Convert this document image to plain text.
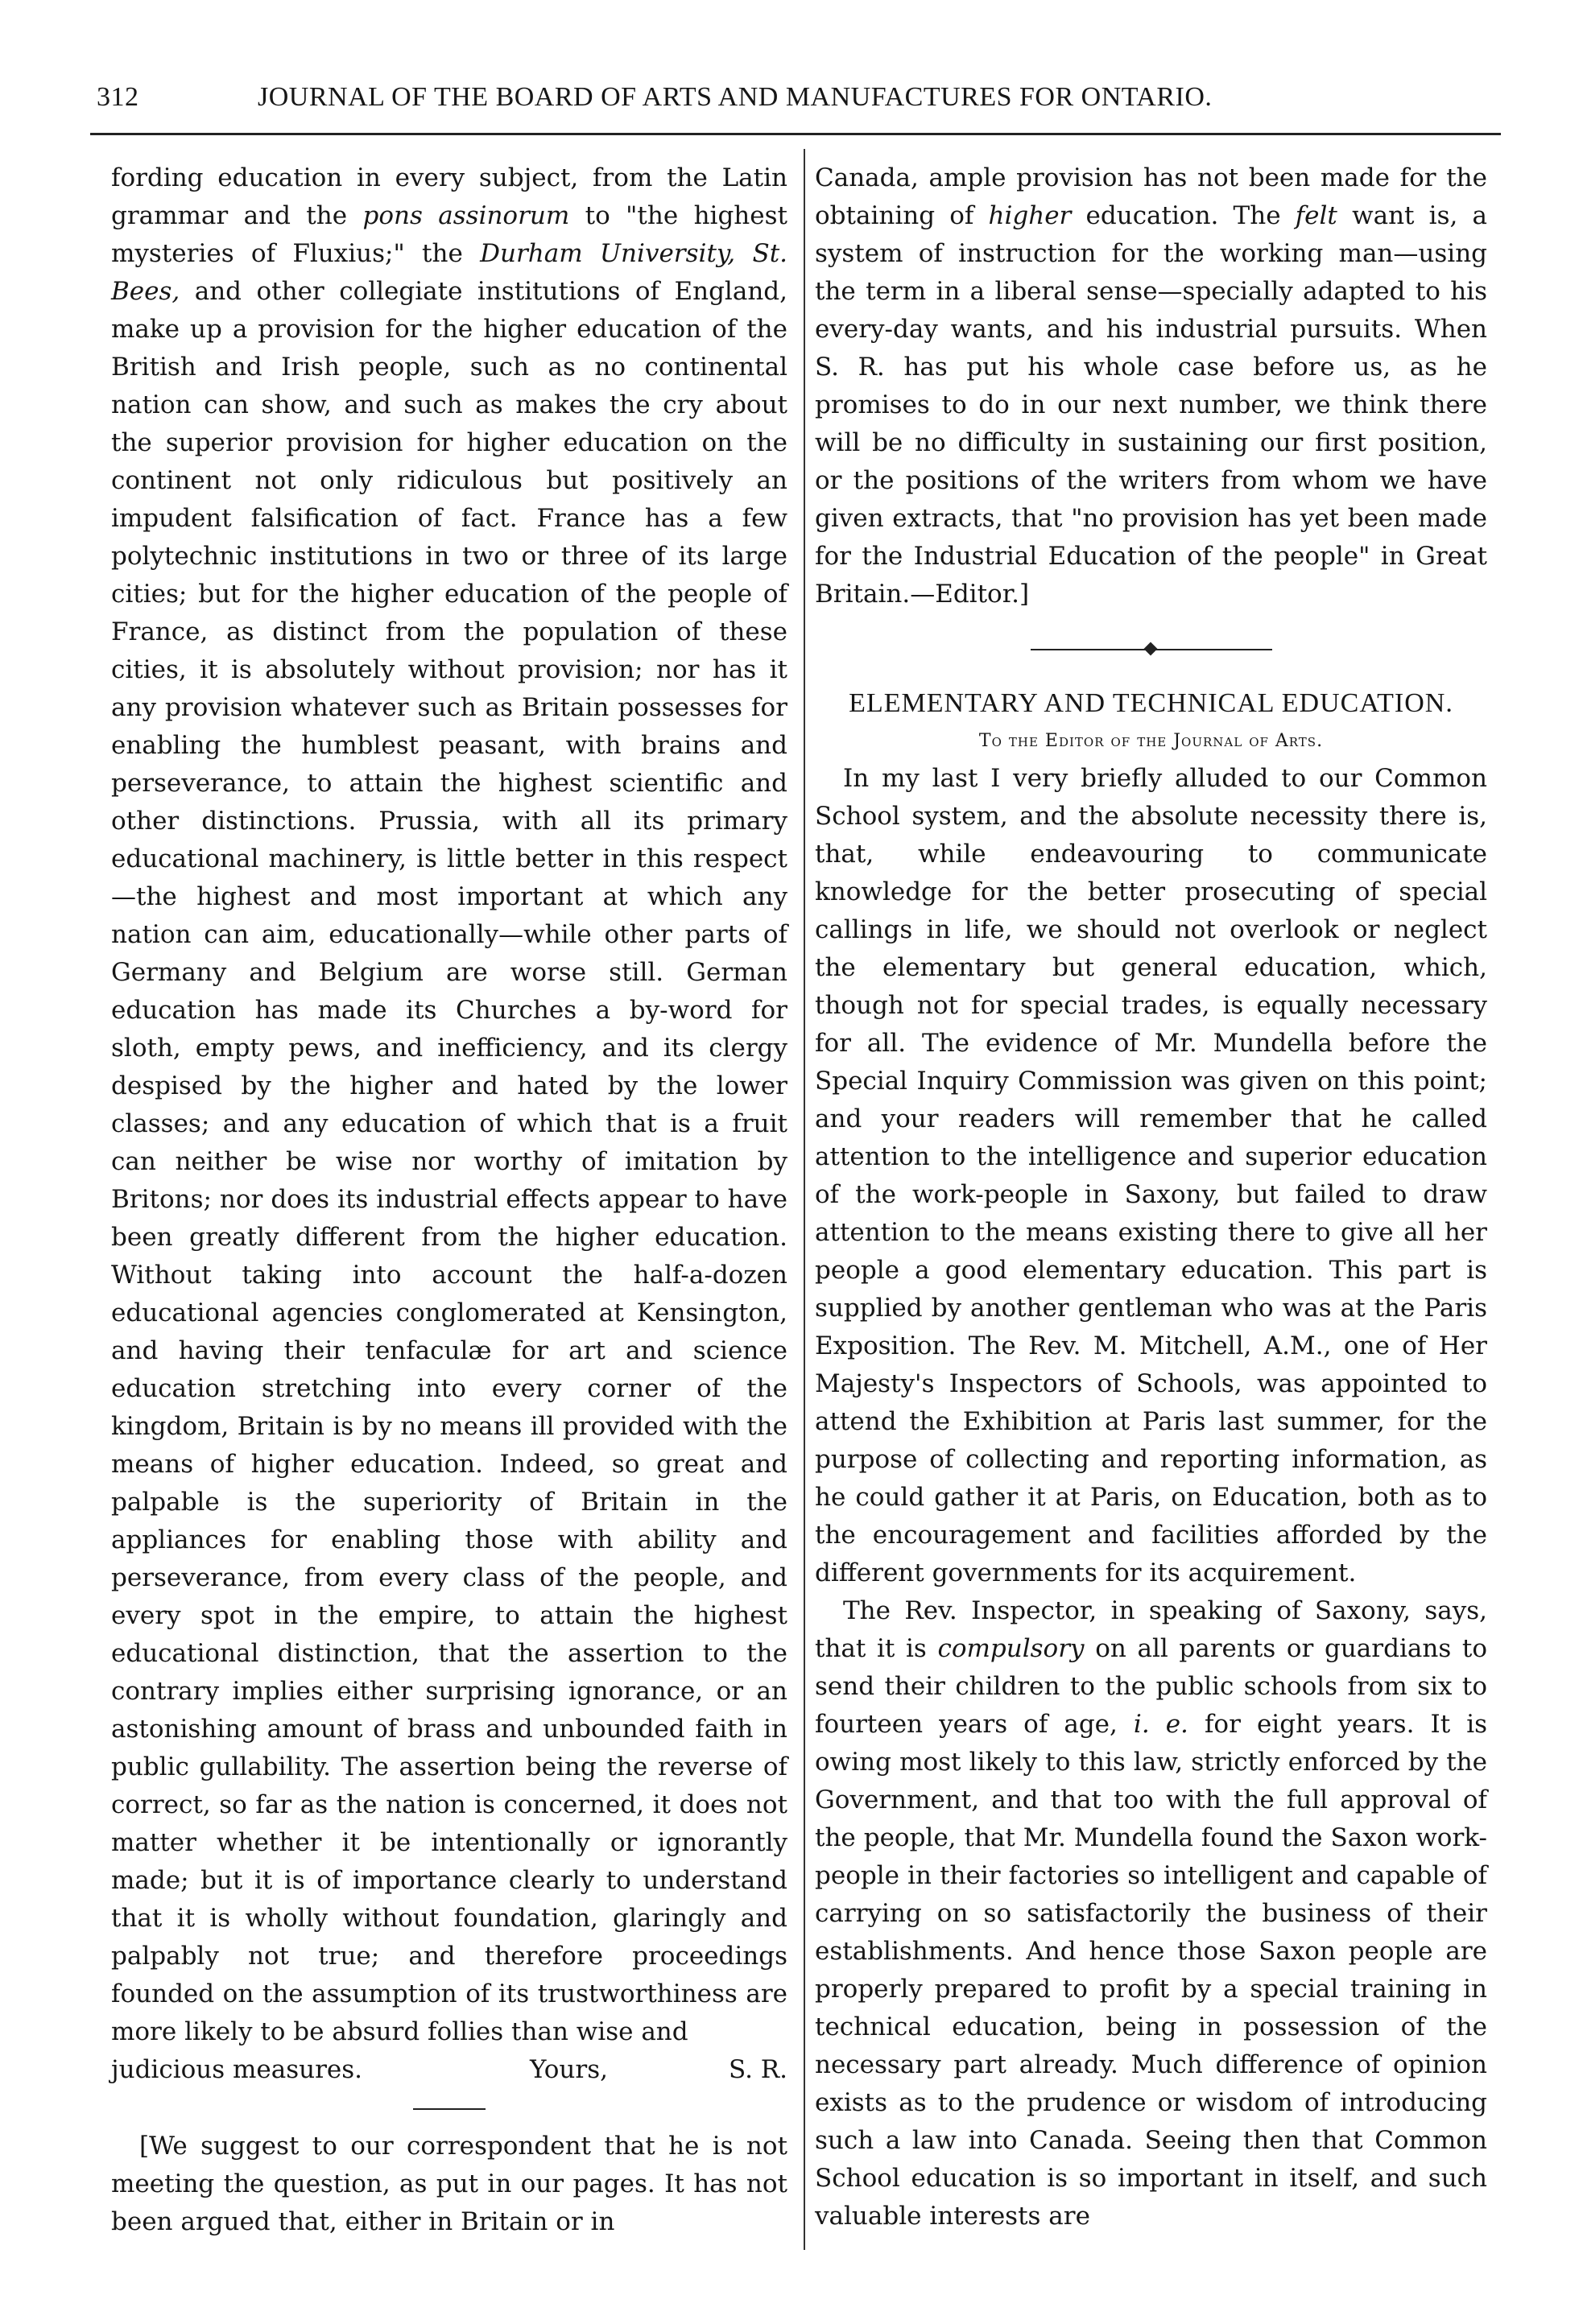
312	JOURNAL OF THE BOARD OF ARTS AND MANUFACTURES FOR ONTARIO.

fording education in every subject, from the Latin grammar and the pons assinorum to "the highest mysteries of Fluxius;" the Durham University, St. Bees, and other collegiate institutions of England, make up a provision for the higher education of the British and Irish people, such as no continental nation can show, and such as makes the cry about the superior provision for higher education on the continent not only ridiculous but positively an impudent falsification of fact. France has a few polytechnic institutions in two or three of its large cities; but for the higher education of the people of France, as distinct from the population of these cities, it is absolutely without provision; nor has it any provision whatever such as Britain possesses for enabling the humblest peasant, with brains and perseverance, to attain the highest scientific and other distinctions. Prussia, with all its primary educational machinery, is little better in this respect—the highest and most important at which any nation can aim, educationally—while other parts of Germany and Belgium are worse still. German education has made its Churches a by-word for sloth, empty pews, and inefficiency, and its clergy despised by the higher and hated by the lower classes; and any education of which that is a fruit can neither be wise nor worthy of imitation by Britons; nor does its industrial effects appear to have been greatly different from the higher education. Without taking into account the half-a-dozen educational agencies conglomerated at Kensington, and having their tenfaculæ for art and science education stretching into every corner of the kingdom, Britain is by no means ill provided with the means of higher education. Indeed, so great and palpable is the superiority of Britain in the appliances for enabling those with ability and perseverance, from every class of the people, and every spot in the empire, to attain the highest educational distinction, that the assertion to the contrary implies either surprising ignorance, or an astonishing amount of brass and unbounded faith in public gullability. The assertion being the reverse of correct, so far as the nation is concerned, it does not matter whether it be intentionally or ignorantly made; but it is of importance clearly to understand that it is wholly without foundation, glaringly and palpably not true; and therefore proceedings founded on the assumption of its trustworthiness are more likely to be absurd follies than wise and

judicious measures.	Yours,	S. R.

[We suggest to our correspondent that he is not meeting the question, as put in our pages. It has not been argued that, either in Britain or in

Canada, ample provision has not been made for the obtaining of higher education. The felt want is, a system of instruction for the working man—using the term in a liberal sense—specially adapted to his every-day wants, and his industrial pursuits. When S. R. has put his whole case before us, as he promises to do in our next number, we think there will be no difficulty in sustaining our first position, or the positions of the writers from whom we have given extracts, that "no provision has yet been made for the Industrial Education of the people" in Great Britain.—Editor.]

ELEMENTARY AND TECHNICAL EDUCATION.

To the Editor of the Journal of Arts.

In my last I very briefly alluded to our Common School system, and the absolute necessity there is, that, while endeavouring to communicate knowledge for the better prosecuting of special callings in life, we should not overlook or neglect the elementary but general education, which, though not for special trades, is equally necessary for all. The evidence of Mr. Mundella before the Special Inquiry Commission was given on this point; and your readers will remember that he called attention to the intelligence and superior education of the work-people in Saxony, but failed to draw attention to the means existing there to give all her people a good elementary education. This part is supplied by another gentleman who was at the Paris Exposition. The Rev. M. Mitchell, A.M., one of Her Majesty's Inspectors of Schools, was appointed to attend the Exhibition at Paris last summer, for the purpose of collecting and reporting information, as he could gather it at Paris, on Education, both as to the encouragement and facilities afforded by the different governments for its acquirement.

The Rev. Inspector, in speaking of Saxony, says, that it is compulsory on all parents or guardians to send their children to the public schools from six to fourteen years of age, i. e. for eight years. It is owing most likely to this law, strictly enforced by the Government, and that too with the full approval of the people, that Mr. Mundella found the Saxon work-people in their factories so intelligent and capable of carrying on so satisfactorily the business of their establishments. And hence those Saxon people are properly prepared to profit by a special training in technical education, being in possession of the necessary part already. Much difference of opinion exists as to the prudence or wisdom of introducing such a law into Canada. Seeing then that Common School education is so important in itself, and such valuable interests are
